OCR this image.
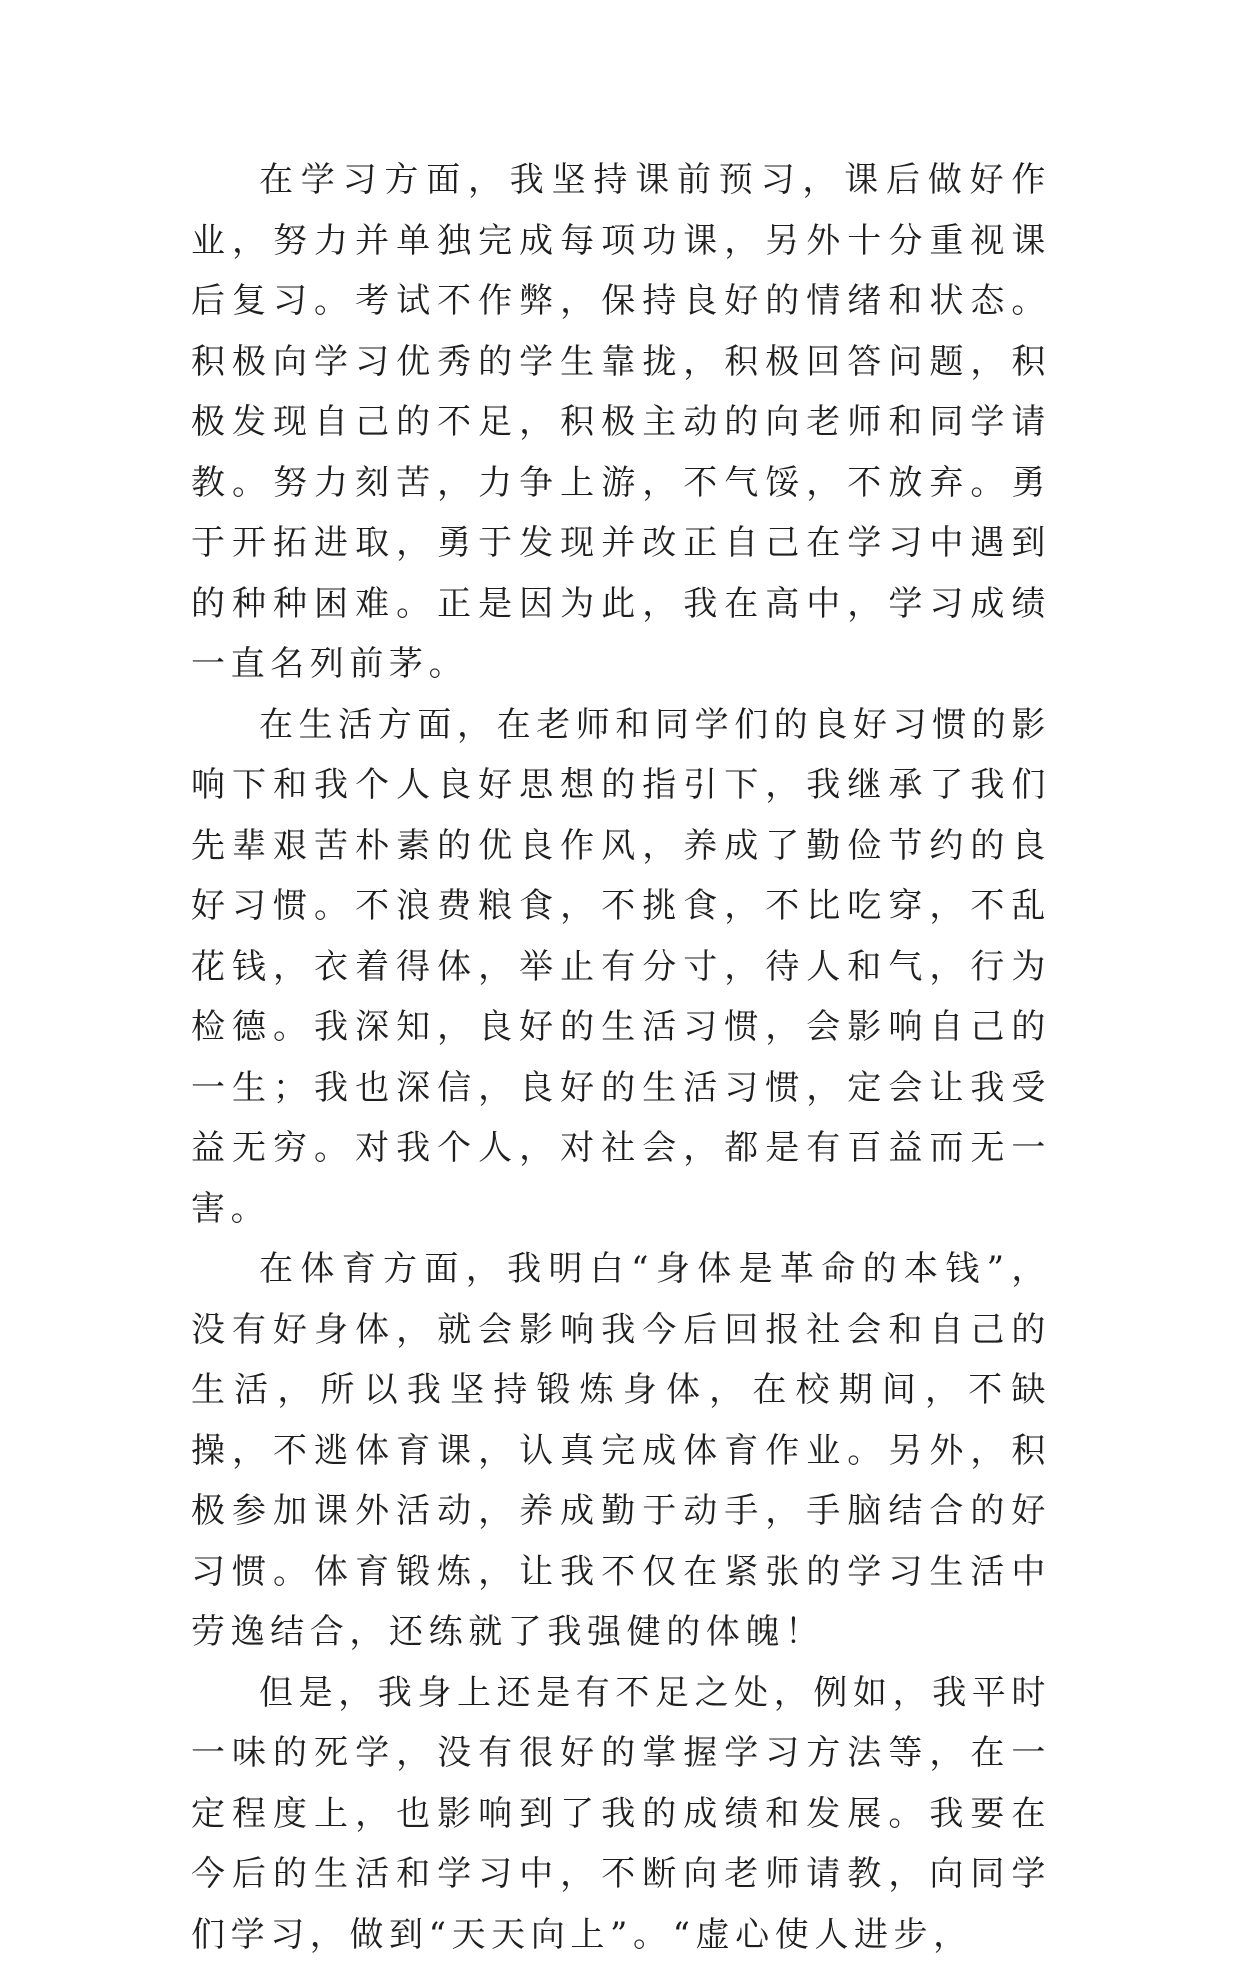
在学习方面，我坚持课前预习，课后做好作业，努力并单独完成每项功课，另外十分重视课后复习。考试不作弊，保持良好的情绪和状态。积极向学习优秀的学生靠拢，积极回答问题，积极发现自己的不足，积极主动的向老师和同学请教。努力刻苦，力争上游，不气馁，不放弃。勇于开拓进取，勇于发现并改正自己在学习中遇到的种种困难。正是因为此，我在高中，学习成绩一直名列前茅。

在生活方面，在老师和同学们的良好习惯的影响下和我个人良好思想的指引下，我继承了我们先辈艰苦朴素的优良作风，养成了勤俭节约的良好习惯。不浪费粮食，不挑食，不比吃穿，不乱花钱，衣着得体，举止有分寸，待人和气，行为检德。我深知，良好的生活习惯，会影响自己的一生；我也深信，良好的生活习惯，定会让我受益无穷。对我个人，对社会，都是有百益而无一害。

在体育方面，我明白“身体是革命的本钱”，没有好身体，就会影响我今后回报社会和自己的生活，所以我坚持锻炼身体，在校期间，不缺操，不逃体育课，认真完成体育作业。另外，积极参加课外活动，养成勤于动手，手脑结合的好习惯。体育锻炼，让我不仅在紧张的学习生活中劳逸结合，还练就了我强健的体魄！

但是，我身上还是有不足之处，例如，我平时一味的死学，没有很好的掌握学习方法等，在一定程度上，也影响到了我的成绩和发展。我要在今后的生活和学习中，不断向老师请教，向同学们学习，做到“天天向上”。“虚心使人进步，
